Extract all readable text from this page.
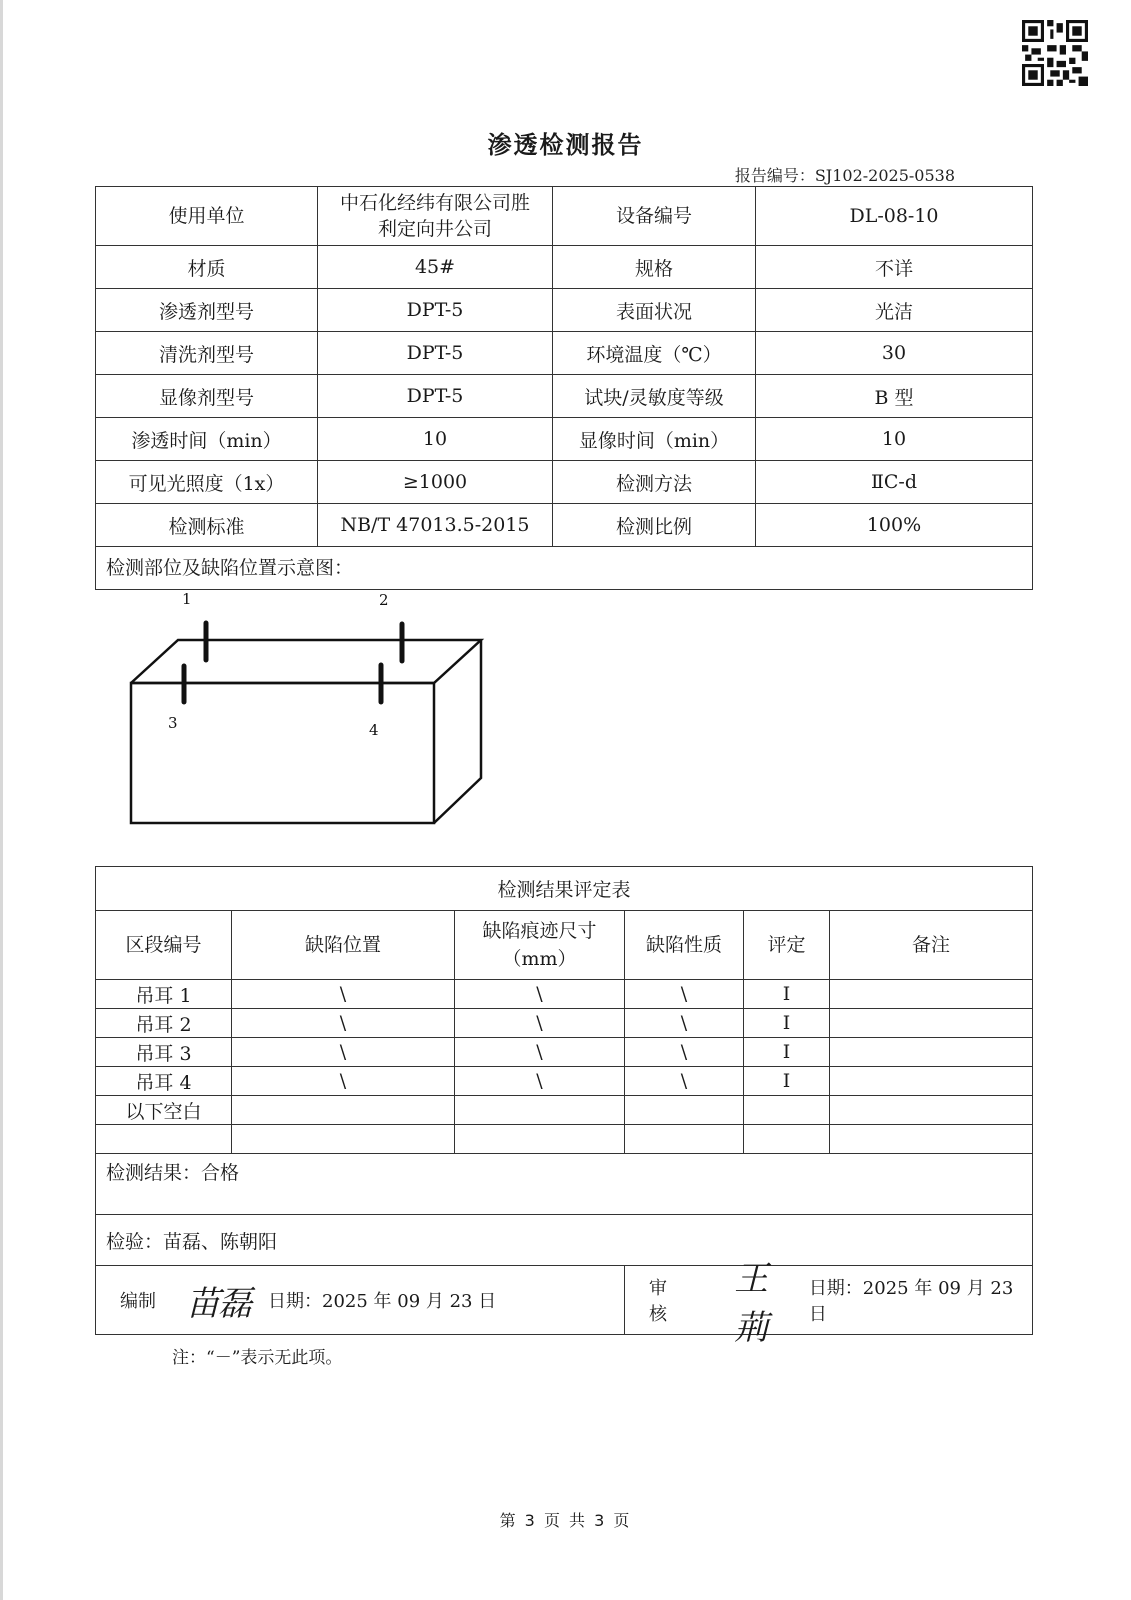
渗透检测报告
报告编号：SJ102-2025-0538
使用单位	中石化经纬有限公司胜利定向井公司	设备编号	DL-08-10
材质	45#	规格	不详
渗透剂型号	DPT-5	表面状况	光洁
清洗剂型号	DPT-5	环境温度（℃）	30
显像剂型号	DPT-5	试块/灵敏度等级	B 型
渗透时间（min）	10	显像时间（min）	10
可见光照度（1x）	≥1000	检测方法	ⅡC-d
检测标准	NB/T 47013.5-2015	检测比例	100%

检测部位及缺陷位置示意图：
1 2
3 4			
检测结果评定表					
区段编号	缺陷位置	缺陷痕迹尺寸（mm）	缺陷性质	评定	备注
吊耳 1	\	\	\	I	
吊耳 2	\	\	\	I	
吊耳 3	\	\	\	I	
吊耳 4	\	\	\	I	
以下空白					

检测结果：合格					
检验：苗磊、陈朝阳					

编制 苗磊 日期：2025 年 09 月 23 日			审核
王荊
日期：2025 年 09 月 23 日		
注：“－”表示无此项。
第 3 页 共 3 页
